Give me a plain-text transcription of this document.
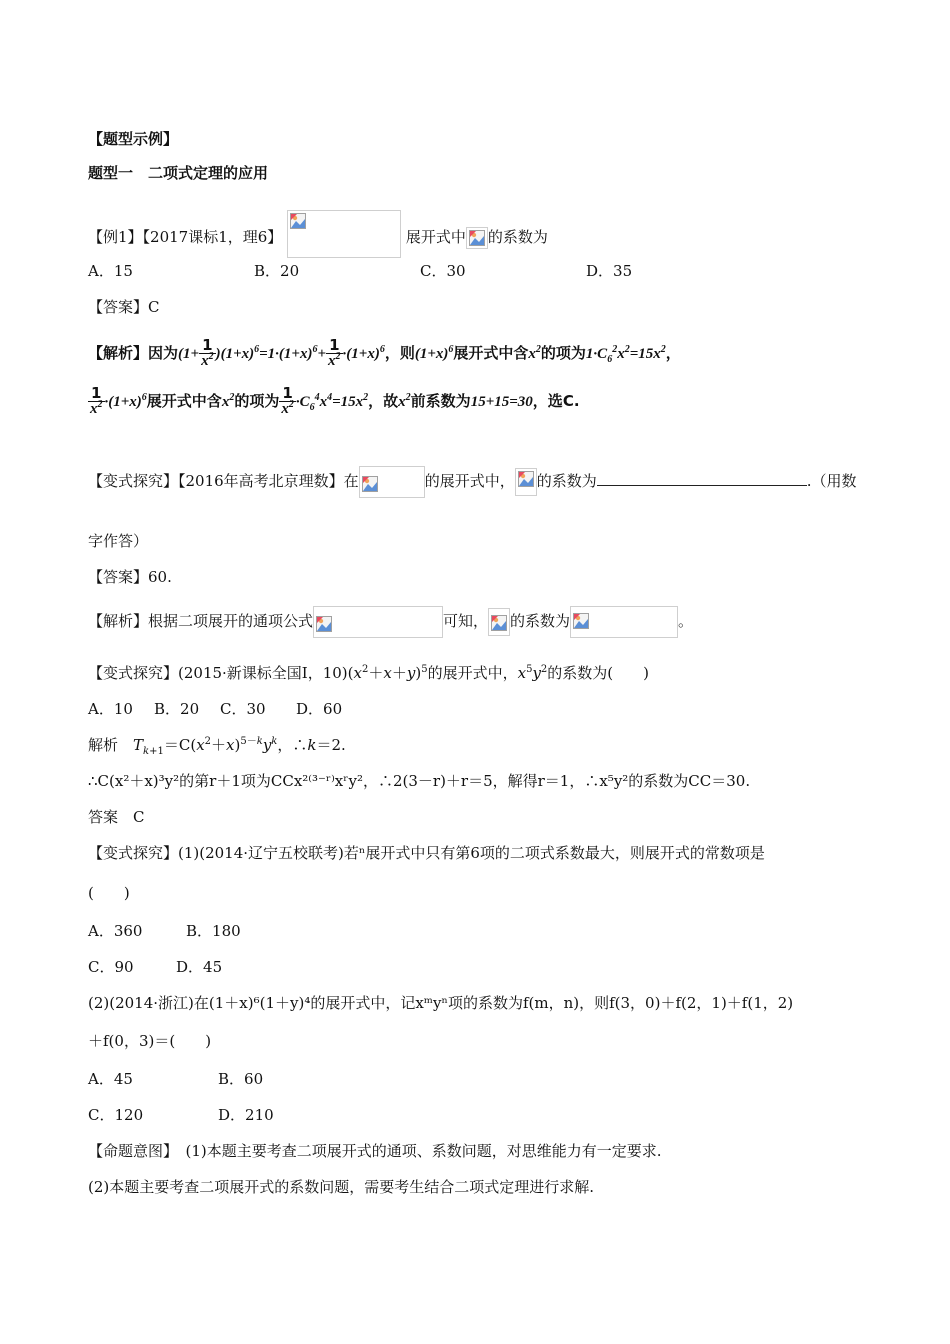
【题型示例】
题型一　二项式定理的应用
【例1】【2017课标1，理6】	展开式中 的系数为
A．15	B．20	C．30	D．35
【答案】C
【解析】因为$(1+ \frac{1}{x^2} )(1+x)^6=1\cdot(1+x)^6+ \frac{1}{x^2} \cdot(1+x)^6$，则$(1+x)^6$展开式中含$x^2$的项为$1\cdot C_6^2x^2=15x^2$，
$\frac{1}{x^2} \cdot(1+x)^6$展开式中含$x^2$的项为 $\frac{1}{x^2} \cdot C_6^4x^4=15x^2$，故$x^2$前系数为15+15=30，选C.
【变式探究】【2016年高考北京理数】在	的展开式中， 的系数为	.（用数
字作答）
【答案】60.
【解析】根据二项展开的通项公式	可知， 的系数为	。
【变式探究】(2015·新课标全国Ⅰ，$10)(x^2+x+y)^5$的展开式中，$x^5y^2$的系数为(　　)
A．10 B．20 C．30 D．60
解析　$T_{k+1}=C(x^2+x)^{5-k}y^k$，∴k＝2.
∴C(x²＋x)³y²的第r＋1项为CCx²⁽³⁻ʳ⁾xʳy²，∴2(3－r)＋r＝5，解得r＝1，∴x⁵y²的系数为CC＝30.
答案　C
【变式探究】(1)(2014·辽宁五校联考)若ⁿ展开式中只有第6项的二项式系数最大，则展开式的常数项是
(　　)
A．360	B．180
C．90	D．45
(2)(2014·浙江)在(1＋x)⁶(1＋y)⁴的展开式中，记xᵐyⁿ项的系数为f(m，n)，则f(3，0)＋f(2，1)＋f(1，2)
＋f(0，3)＝(　　)
A．45	B．60
C．120	D．210
【命题意图】　(1)本题主要考查二项展开式的通项、系数问题，对思维能力有一定要求.
(2)本题主要考查二项展开式的系数问题，需要考生结合二项式定理进行求解.
